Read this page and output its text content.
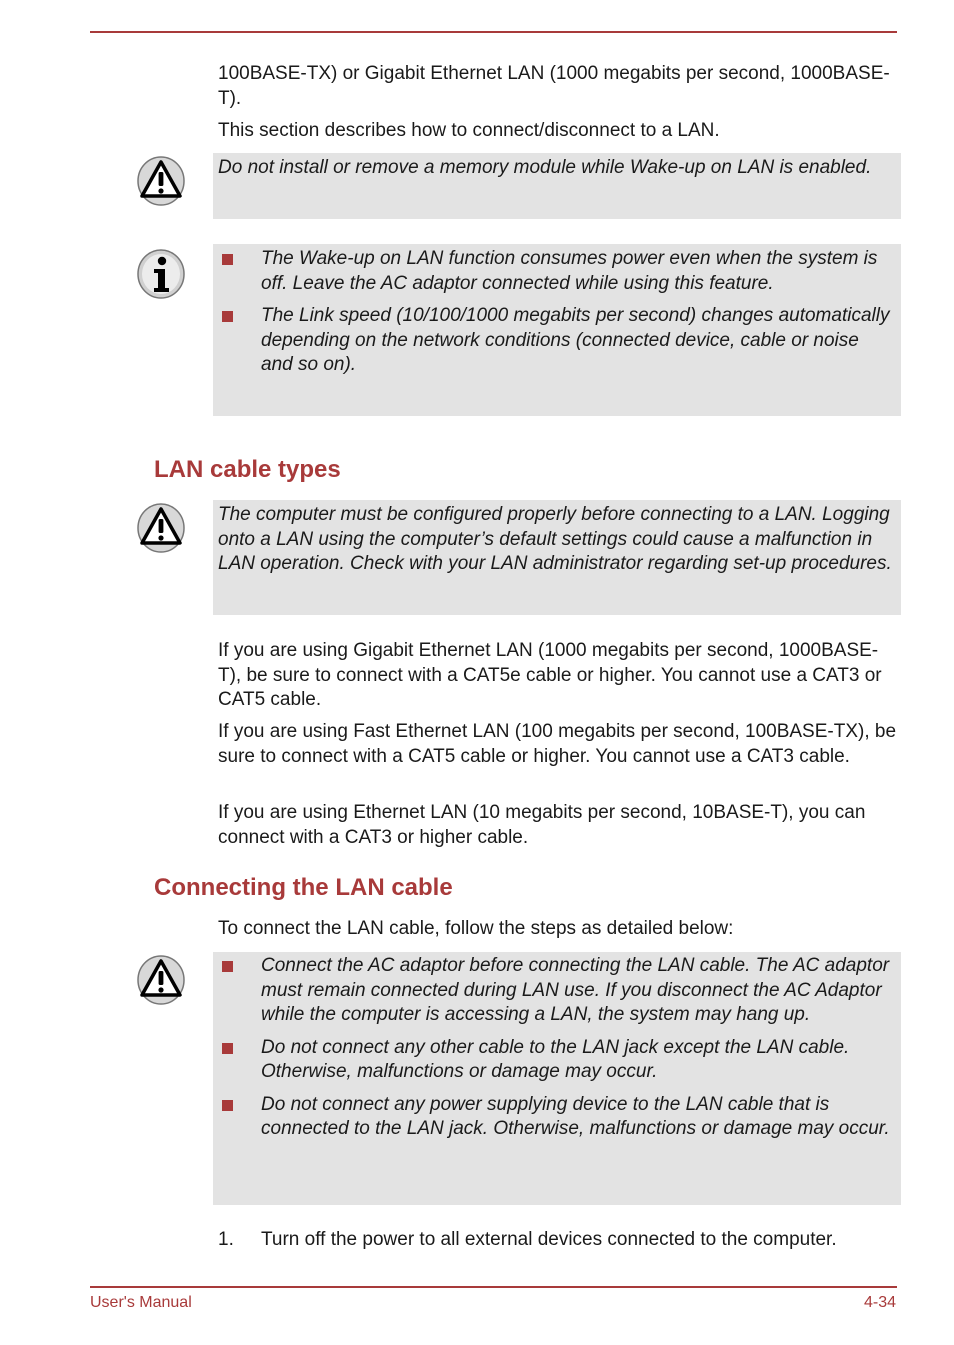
100BASE-TX) or Gigabit Ethernet LAN (1000 megabits per second, 1000BASE-T).

This section describes how to connect/disconnect to a LAN.

Do not install or remove a memory module while Wake-up on LAN is enabled.

The Wake-up on LAN function consumes power even when the system is off. Leave the AC adaptor connected while using this feature.
The Link speed (10/100/1000 megabits per second) changes automatically depending on the network conditions (connected device, cable or noise and so on).
LAN cable types

The computer must be configured properly before connecting to a LAN. Logging onto a LAN using the computer’s default settings could cause a malfunction in LAN operation. Check with your LAN administrator regarding set-up procedures.

If you are using Gigabit Ethernet LAN (1000 megabits per second, 1000BASE-T), be sure to connect with a CAT5e cable or higher. You cannot use a CAT3 or CAT5 cable.

If you are using Fast Ethernet LAN (100 megabits per second, 100BASE-TX), be sure to connect with a CAT5 cable or higher. You cannot use a CAT3 cable.

If you are using Ethernet LAN (10 megabits per second, 10BASE-T), you can connect with a CAT3 or higher cable.

Connecting the LAN cable

To connect the LAN cable, follow the steps as detailed below:

Connect the AC adaptor before connecting the LAN cable. The AC adaptor must remain connected during LAN use. If you disconnect the AC Adaptor while the computer is accessing a LAN, the system may hang up.
Do not connect any other cable to the LAN jack except the LAN cable. Otherwise, malfunctions or damage may occur.
Do not connect any power supplying device to the LAN cable that is connected to the LAN jack. Otherwise, malfunctions or damage may occur.
1. Turn off the power to all external devices connected to the computer.
User's Manual	4-34
